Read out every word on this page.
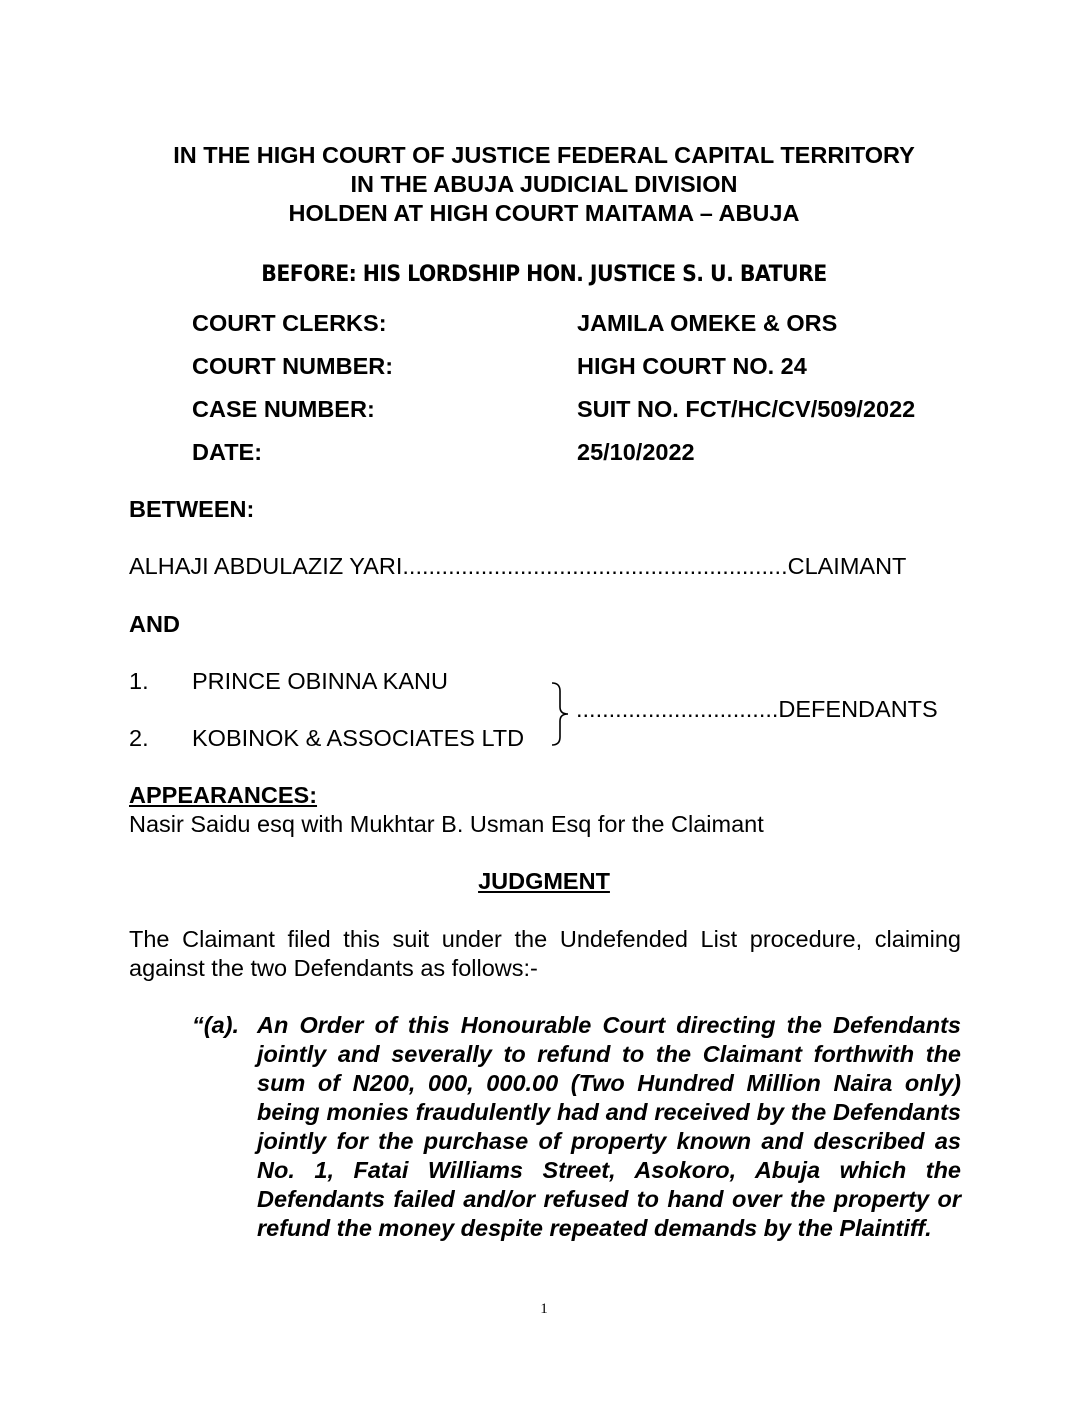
IN THE HIGH COURT OF JUSTICE FEDERAL CAPITAL TERRITORY
IN THE ABUJA JUDICIAL DIVISION
HOLDEN AT HIGH COURT MAITAMA – ABUJA
BEFORE: HIS LORDSHIP HON. JUSTICE S. U. BATURE
COURT CLERKS:	JAMILA OMEKE & ORS
COURT NUMBER:	HIGH COURT NO. 24
CASE NUMBER:	SUIT NO. FCT/HC/CV/509/2022
DATE:	25/10/2022
BETWEEN:
ALHAJI ABDULAZIZ YARI...........................................................CLAIMANT
AND
1. PRINCE OBINNA KANU
2. KOBINOK & ASSOCIATES LTD
...............................DEFENDANTS
APPEARANCES:
Nasir Saidu esq with Mukhtar B. Usman Esq for the Claimant
JUDGMENT
The Claimant filed this suit under the Undefended List procedure, claiming against the two Defendants as follows:-
“(a). An Order of this Honourable Court directing the Defendants jointly and severally to refund to the Claimant forthwith the sum of N200, 000, 000.00 (Two Hundred Million Naira only) being monies fraudulently had and received by the Defendants jointly for the purchase of property known and described as No. 1, Fatai Williams Street, Asokoro, Abuja which the Defendants failed and/or refused to hand over the property or refund the money despite repeated demands by the Plaintiff.
1
